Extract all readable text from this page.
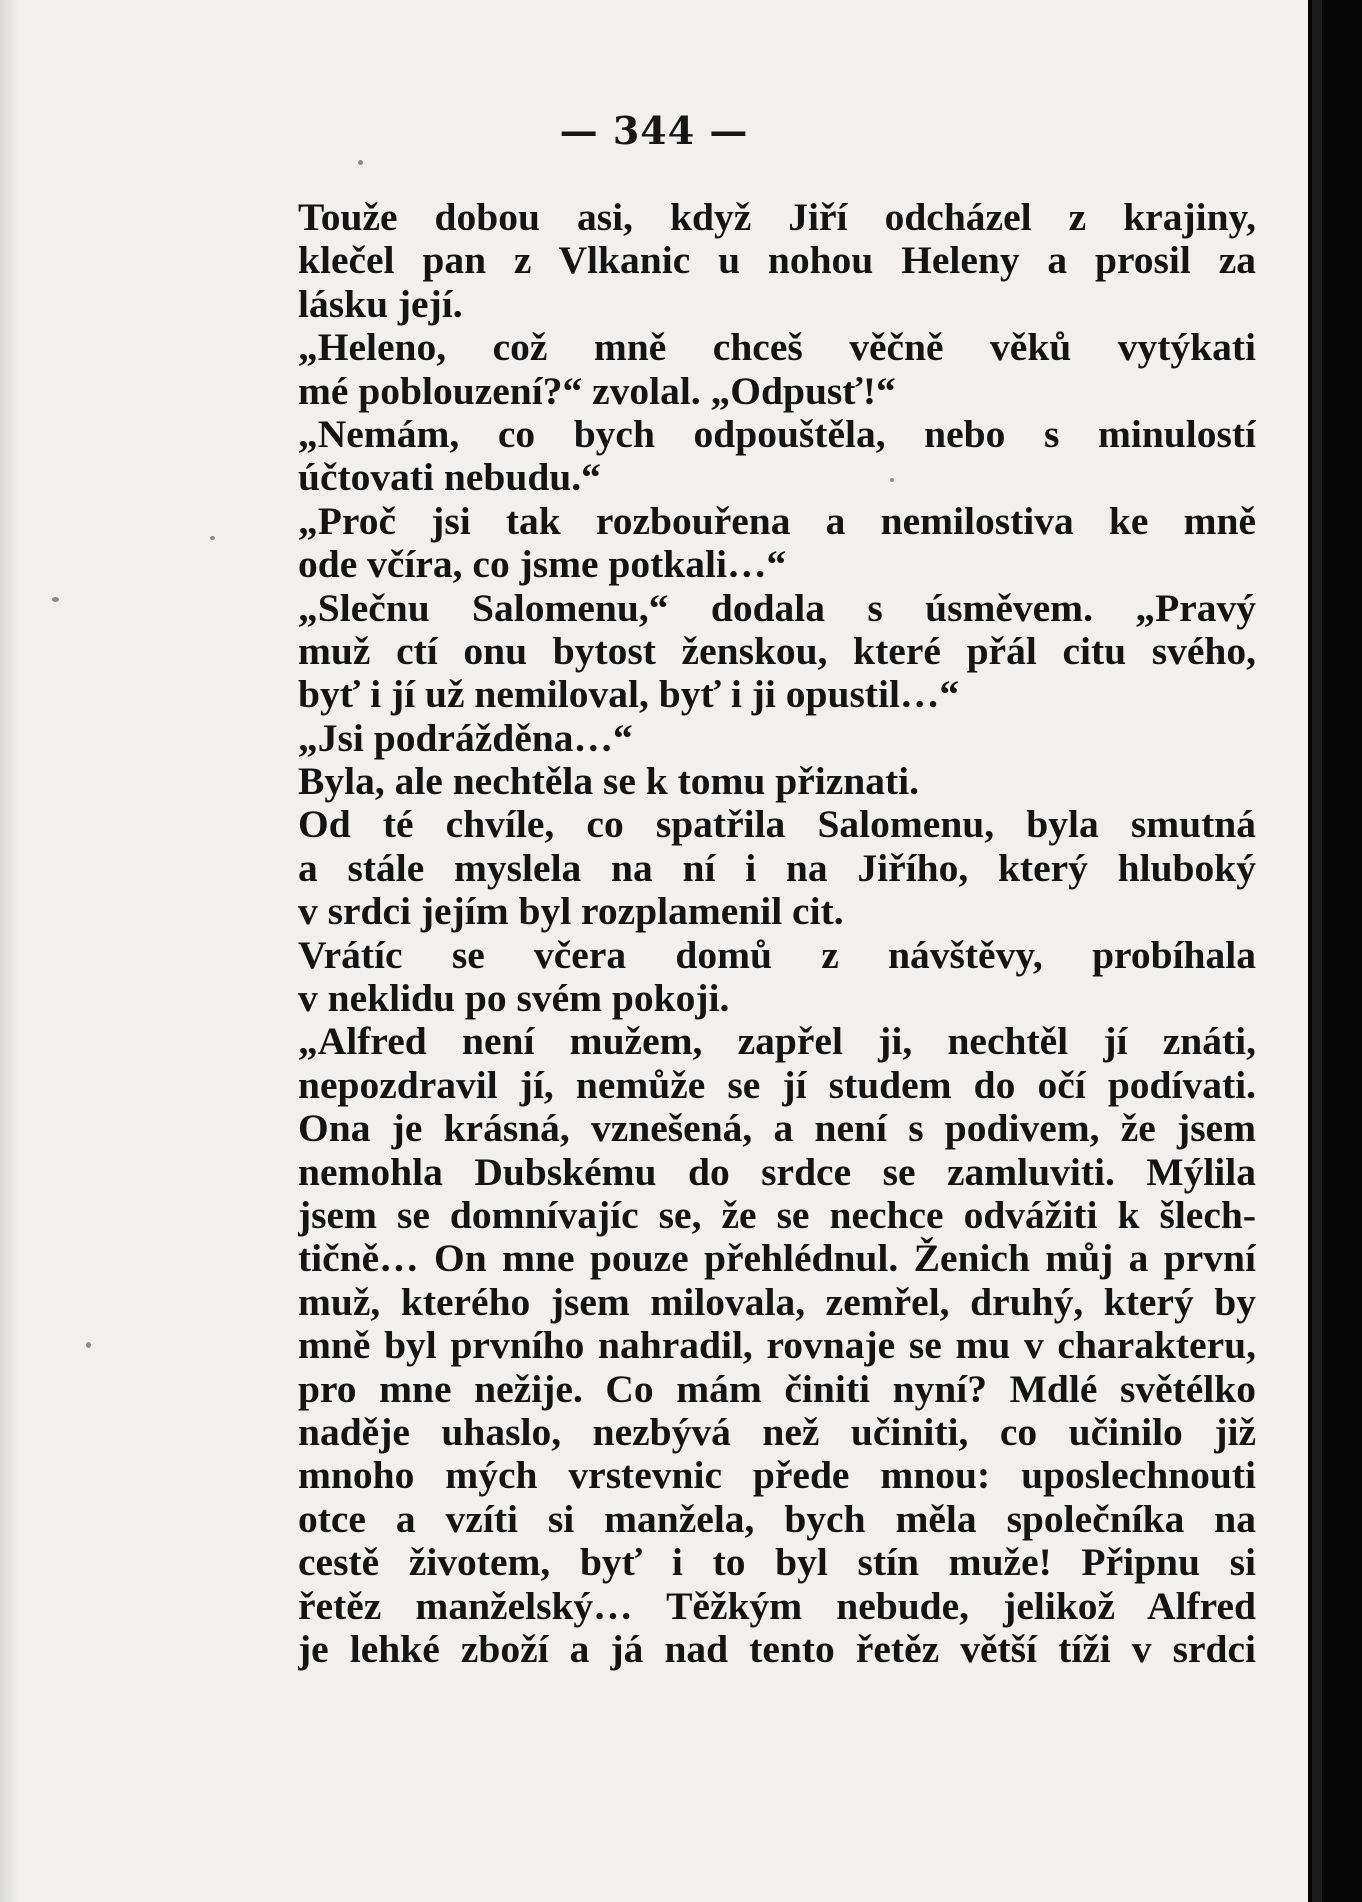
— 344 —
Touže dobou asi, když Jiří odcházel z krajiny,
klečel pan z Vlkanic u nohou Heleny a prosil za
lásku její.
„Heleno, což mně chceš věčně věků vytýkati
mé poblouzení?“ zvolal. „Odpusť!“
„Nemám, co bych odpouštěla, nebo s minulostí
účtovati nebudu.“
„Proč jsi tak rozbouřena a nemilostiva ke mně
ode včíra, co jsme potkali…“
„Slečnu Salomenu,“ dodala s úsměvem. „Pravý
muž ctí onu bytost ženskou, které přál citu svého,
byť i jí už nemiloval, byť i ji opustil…“
„Jsi podrážděna…“
Byla, ale nechtěla se k tomu přiznati.
Od té chvíle, co spatřila Salomenu, byla smutná
a stále myslela na ní i na Jiřího, který hluboký
v srdci jejím byl rozplamenil cit.
Vrátíc se včera domů z návštěvy, probíhala
v neklidu po svém pokoji.
„Alfred není mužem, zapřel ji, nechtěl jí znáti,
nepozdravil jí, nemůže se jí studem do očí podívati.
Ona je krásná, vznešená, a není s podivem, že jsem
nemohla Dubskému do srdce se zamluviti. Mýlila
jsem se domnívajíc se, že se nechce odvážiti k šlech-
tičně… On mne pouze přehlédnul. Ženich můj a první
muž, kterého jsem milovala, zemřel, druhý, který by
mně byl prvního nahradil, rovnaje se mu v charakteru,
pro mne nežije. Co mám činiti nyní? Mdlé světélko
naděje uhaslo, nezbývá než učiniti, co učinilo již
mnoho mých vrstevnic přede mnou: uposlechnouti
otce a vzíti si manžela, bych měla společníka na
cestě životem, byť i to byl stín muže! Připnu si
řetěz manželský… Těžkým nebude, jelikož Alfred
je lehké zboží a já nad tento řetěz větší tíži v srdci
